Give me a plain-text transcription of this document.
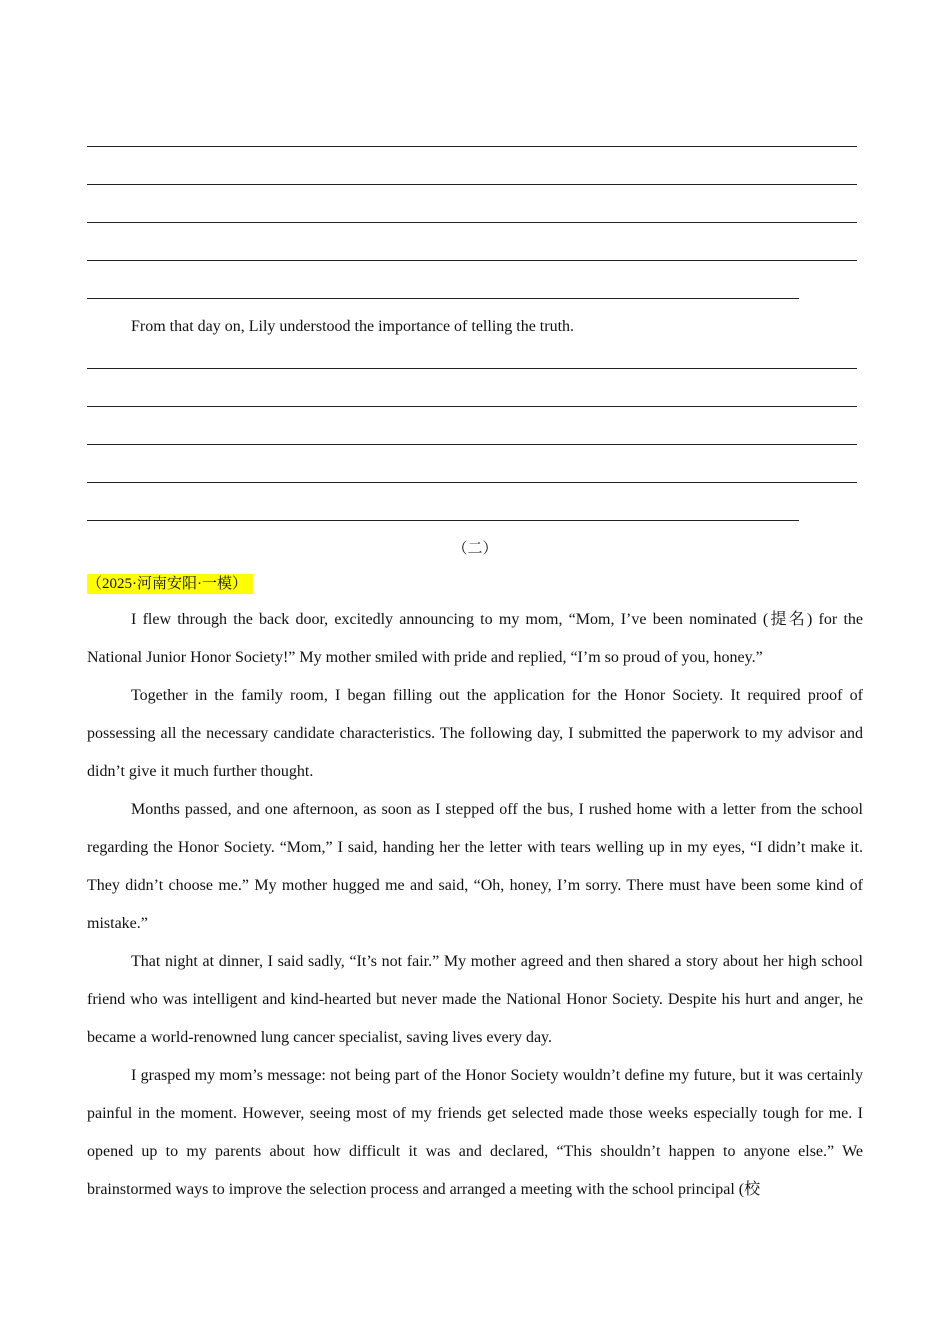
From that day on, Lily understood the importance of telling the truth.
（二）
（2025·河南安阳·一模）

I flew through the back door, excitedly announcing to my mom, “Mom, I’ve been nominated (提名) for the National Junior Honor Society!” My mother smiled with pride and replied, “I’m so proud of you, honey.”

Together in the family room, I began filling out the application for the Honor Society. It required proof of possessing all the necessary candidate characteristics. The following day, I submitted the paperwork to my advisor and didn’t give it much further thought.

Months passed, and one afternoon, as soon as I stepped off the bus, I rushed home with a letter from the school regarding the Honor Society. “Mom,” I said, handing her the letter with tears welling up in my eyes, “I didn’t make it. They didn’t choose me.” My mother hugged me and said, “Oh, honey, I’m sorry. There must have been some kind of mistake.”

That night at dinner, I said sadly, “It’s not fair.” My mother agreed and then shared a story about her high school friend who was intelligent and kind-hearted but never made the National Honor Society. Despite his hurt and anger, he became a world-renowned lung cancer specialist, saving lives every day.

I grasped my mom’s message: not being part of the Honor Society wouldn’t define my future, but it was certainly painful in the moment. However, seeing most of my friends get selected made those weeks especially tough for me. I opened up to my parents about how difficult it was and declared, “This shouldn’t happen to anyone else.” We brainstormed ways to improve the selection process and arranged a meeting with the school principal (校
